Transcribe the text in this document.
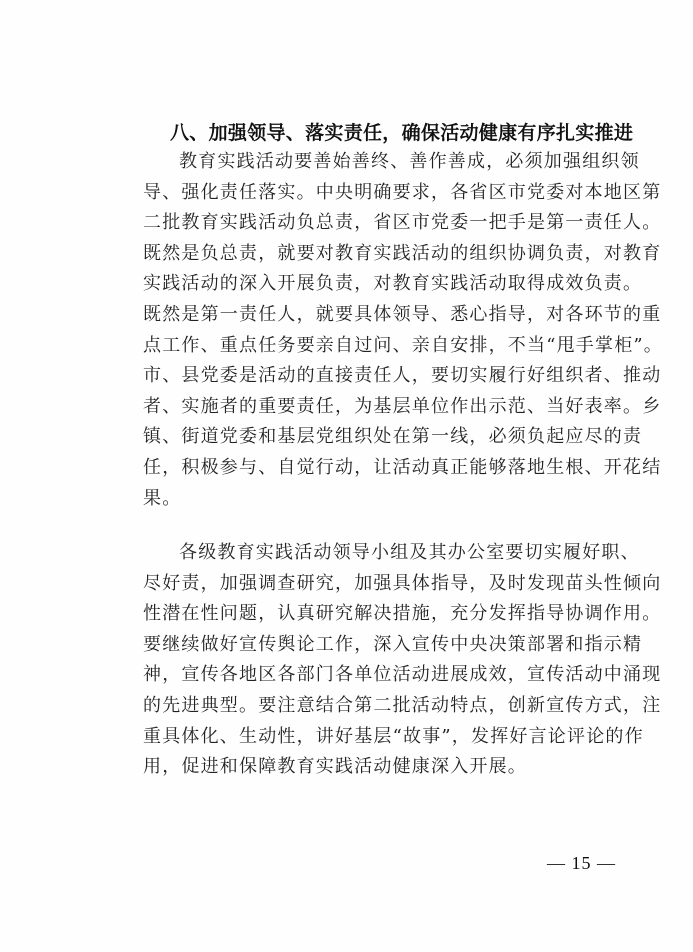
八、加强领导、落实责任，确保活动健康有序扎实推进
教育实践活动要善始善终、善作善成，必须加强组织领
导、强化责任落实。中央明确要求，各省区市党委对本地区第
二批教育实践活动负总责，省区市党委一把手是第一责任人。
既然是负总责，就要对教育实践活动的组织协调负责，对教育
实践活动的深入开展负责，对教育实践活动取得成效负责。
既然是第一责任人，就要具体领导、悉心指导，对各环节的重
点工作、重点任务要亲自过问、亲自安排，不当“甩手掌柜”。
市、县党委是活动的直接责任人，要切实履行好组织者、推动
者、实施者的重要责任，为基层单位作出示范、当好表率。乡
镇、街道党委和基层党组织处在第一线，必须负起应尽的责
任，积极参与、自觉行动，让活动真正能够落地生根、开花结
果。
各级教育实践活动领导小组及其办公室要切实履好职、
尽好责，加强调查研究，加强具体指导，及时发现苗头性倾向
性潜在性问题，认真研究解决措施，充分发挥指导协调作用。
要继续做好宣传舆论工作，深入宣传中央决策部署和指示精
神，宣传各地区各部门各单位活动进展成效，宣传活动中涌现
的先进典型。要注意结合第二批活动特点，创新宣传方式，注
重具体化、生动性，讲好基层“故事”，发挥好言论评论的作
用，促进和保障教育实践活动健康深入开展。
— 15 —
